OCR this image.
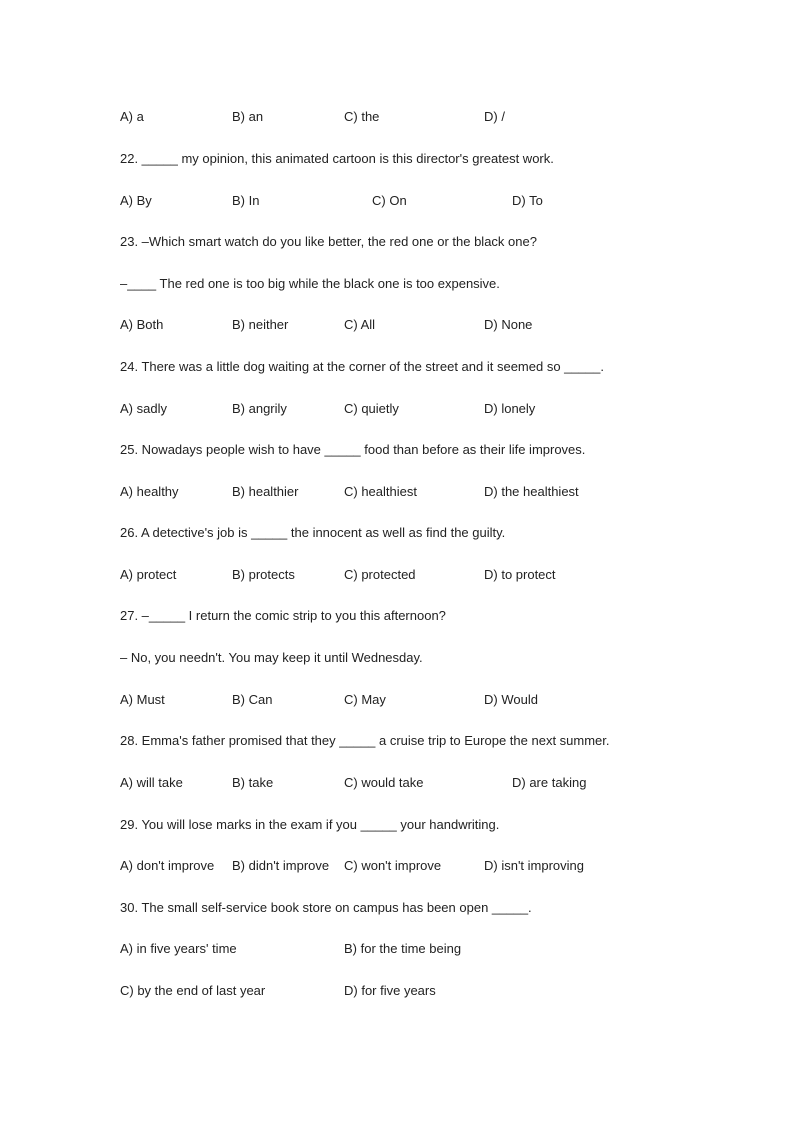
A) a	B) an	C) the	D) /
22. _____ my opinion, this animated cartoon is this director's greatest work.
A) By	B) In	C) On	D) To
23. –Which smart watch do you like better, the red one or the black one?
–____ The red one is too big while the black one is too expensive.
A) Both	B) neither	C) All	D) None
24. There was a little dog waiting at the corner of the street and it seemed so _____.
A) sadly	B) angrily	C) quietly	D) lonely
25. Nowadays people wish to have _____ food than before as their life improves.
A) healthy	B) healthier	C) healthiest	D) the healthiest
26. A detective's job is _____ the innocent as well as find the guilty.
A) protect	B) protects	C) protected	D) to protect
27. –_____ I return the comic strip to you this afternoon?
– No, you needn't. You may keep it until Wednesday.
A) Must	B) Can	C) May	D) Would
28. Emma's father promised that they _____ a cruise trip to Europe the next summer.
A) will take	B) take	C) would take	D) are taking
29. You will lose marks in the exam if you _____ your handwriting.
A) don't improve B) didn't improve C) won't improve	D) isn't improving
30. The small self-service book store on campus has been open _____.
A) in five years' time	B) for the time being
C) by the end of last year	D) for five years
